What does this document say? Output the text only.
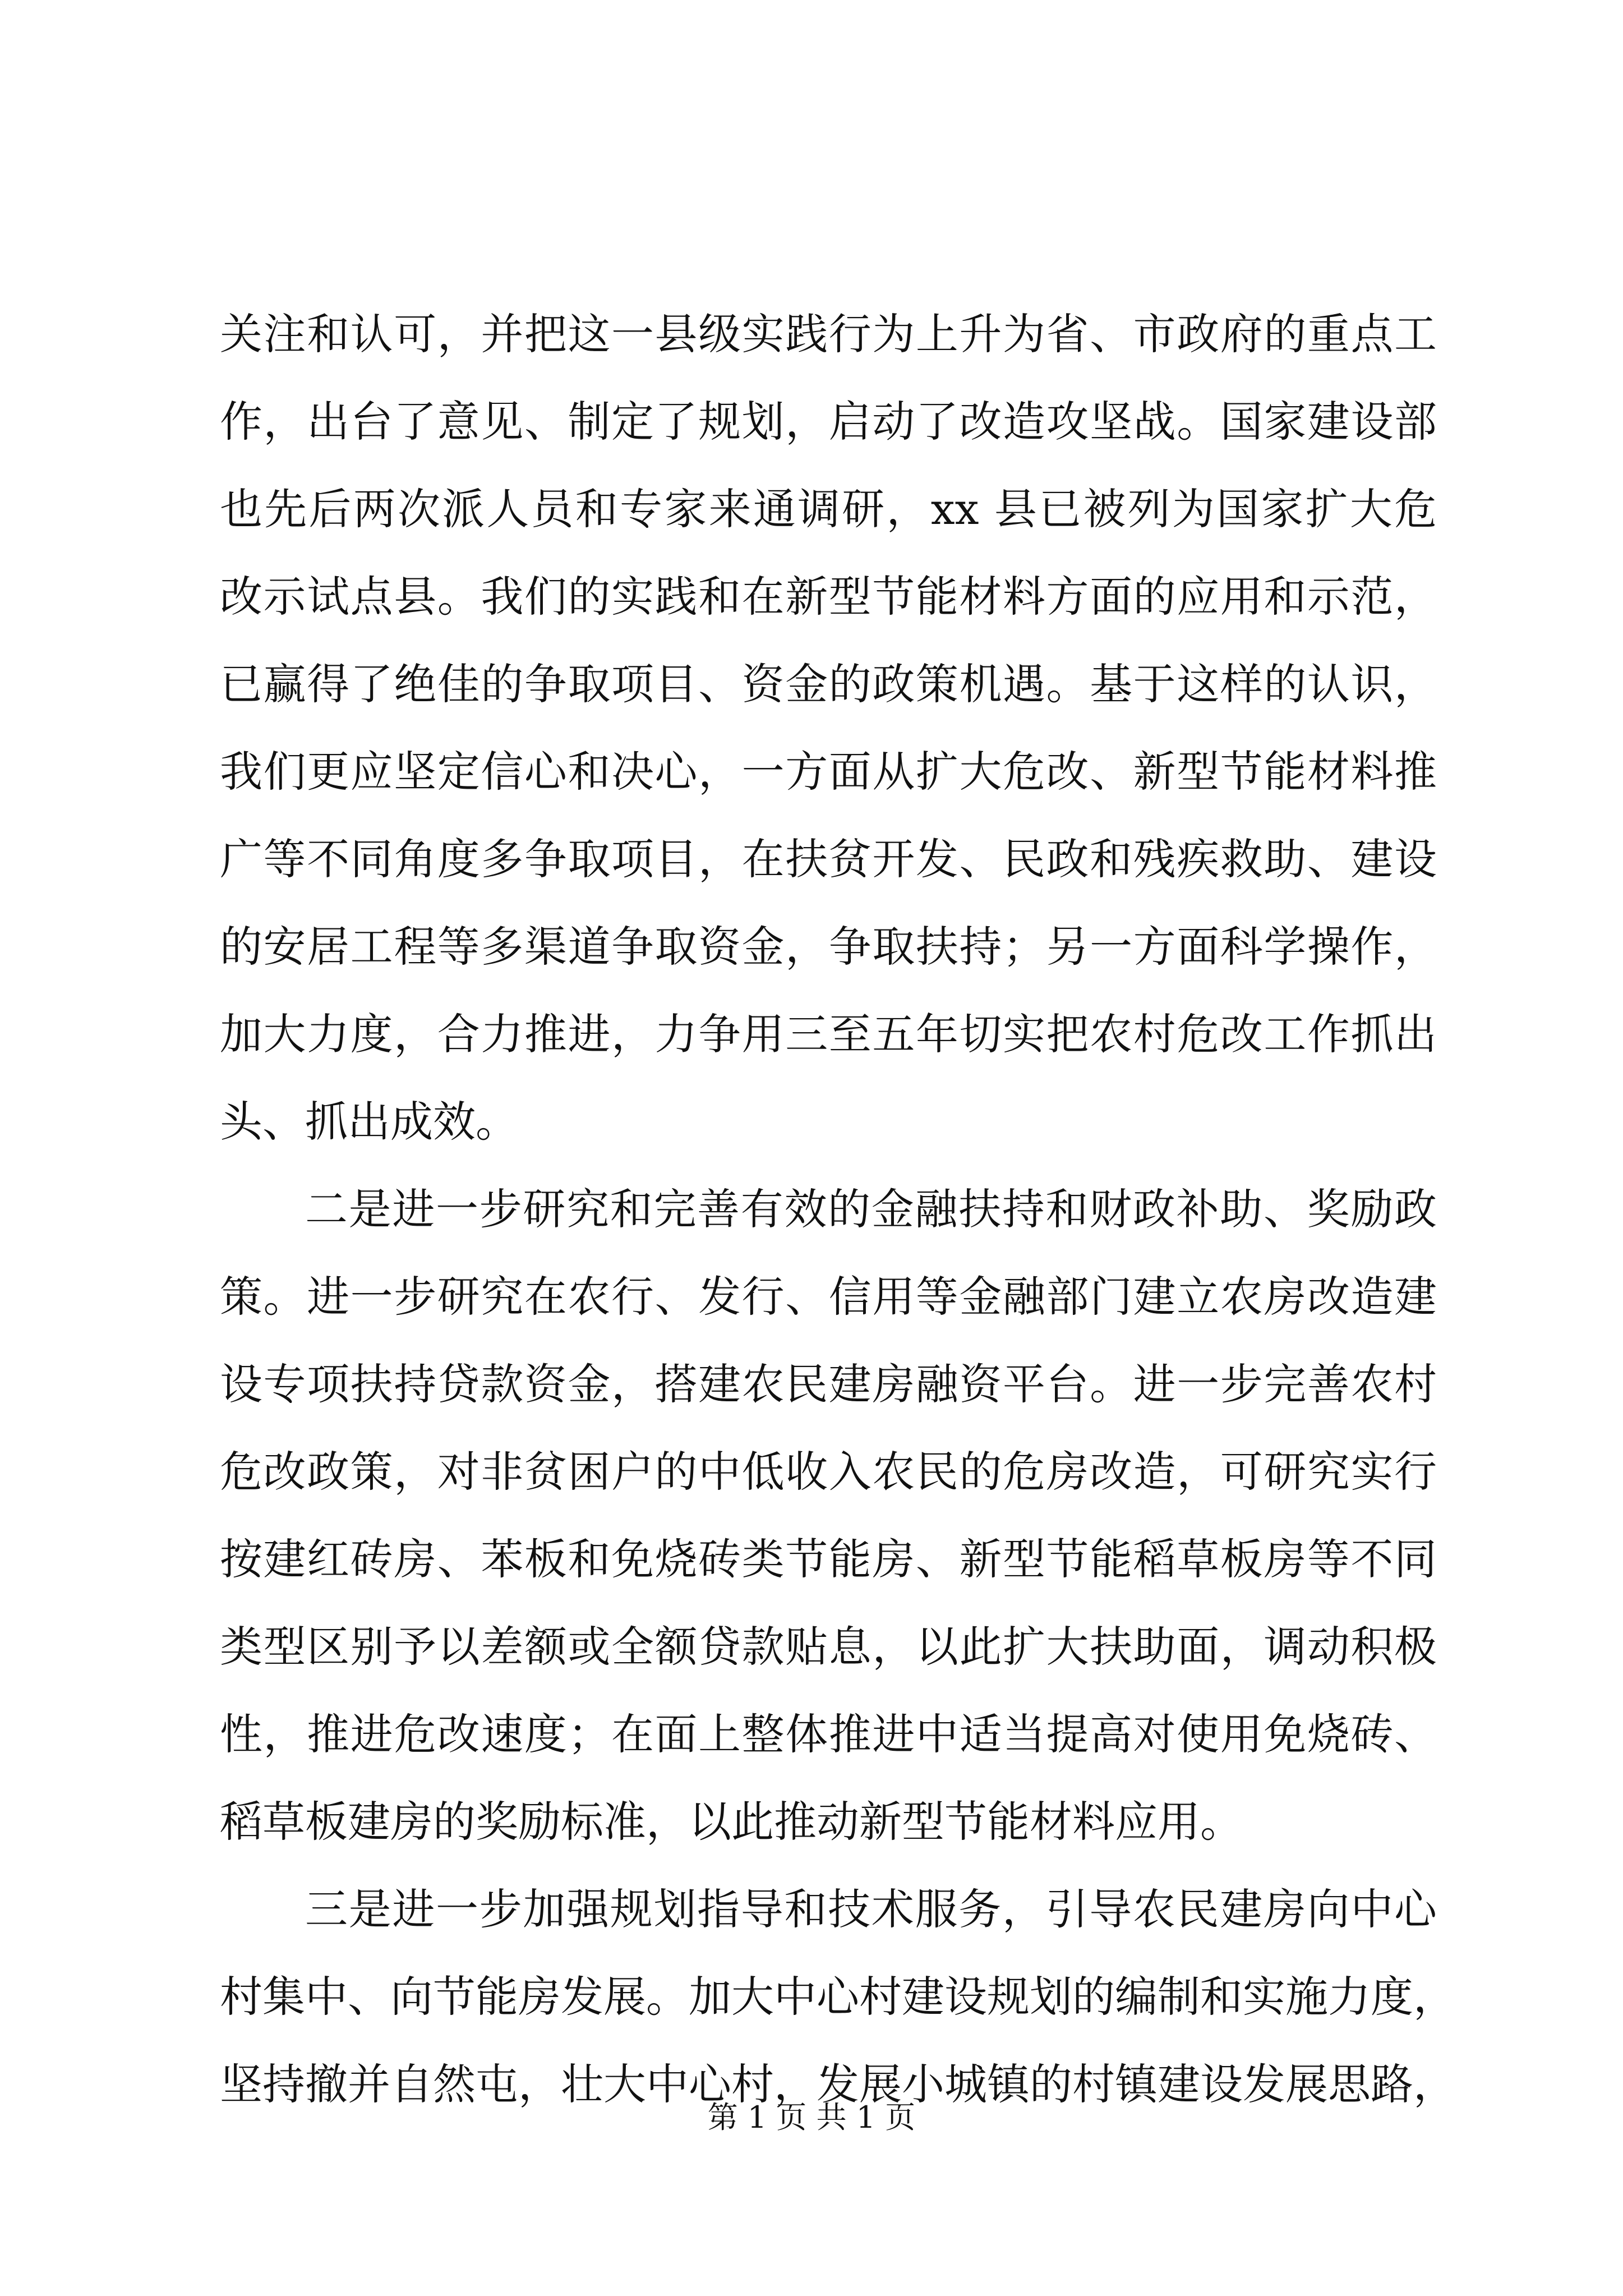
关注和认可，并把这一县级实践行为上升为省、市政府的重点工
作，出台了意见、制定了规划，启动了改造攻坚战。国家建设部
也先后两次派人员和专家来通调研，xx 县已被列为国家扩大危
改示试点县。我们的实践和在新型节能材料方面的应用和示范，
已赢得了绝佳的争取项目、资金的政策机遇。基于这样的认识，
我们更应坚定信心和决心，一方面从扩大危改、新型节能材料推
广等不同角度多争取项目，在扶贫开发、民政和残疾救助、建设
的安居工程等多渠道争取资金，争取扶持；另一方面科学操作，
加大力度，合力推进，力争用三至五年切实把农村危改工作抓出
头、抓出成效。
二是进一步研究和完善有效的金融扶持和财政补助、奖励政
策。进一步研究在农行、发行、信用等金融部门建立农房改造建
设专项扶持贷款资金，搭建农民建房融资平台。进一步完善农村
危改政策，对非贫困户的中低收入农民的危房改造，可研究实行
按建红砖房、苯板和免烧砖类节能房、新型节能稻草板房等不同
类型区别予以差额或全额贷款贴息，以此扩大扶助面，调动积极
性，推进危改速度；在面上整体推进中适当提高对使用免烧砖、
稻草板建房的奖励标准，以此推动新型节能材料应用。
三是进一步加强规划指导和技术服务，引导农民建房向中心
村集中、向节能房发展。加大中心村建设规划的编制和实施力度，
坚持撤并自然屯，壮大中心村，发展小城镇的村镇建设发展思路，
第 1 页 共 1 页
